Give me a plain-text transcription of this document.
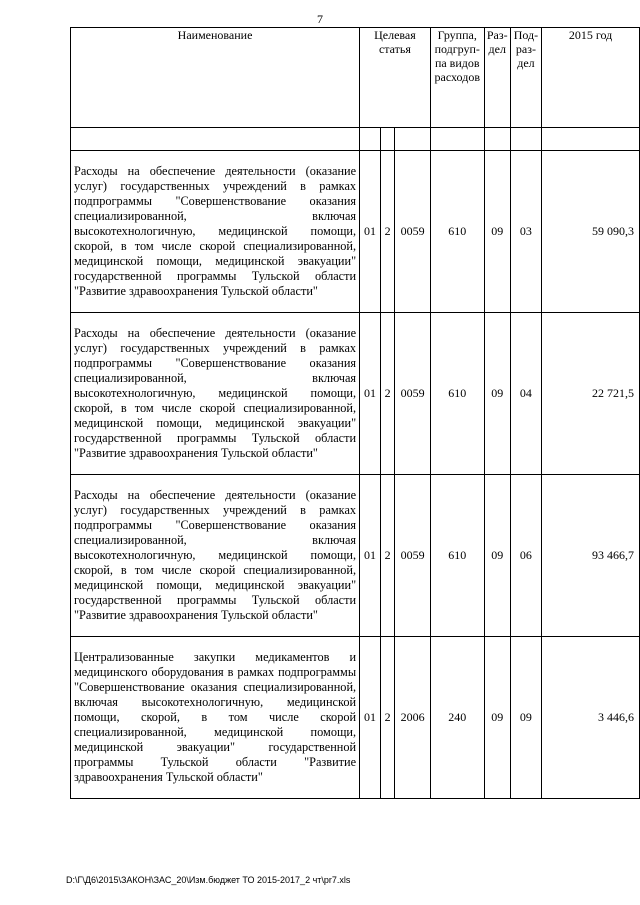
7
Наименование	Целевая статья			Группа, подгруп-па видов расходов	Раз-дел	Под-раз-дел	2015 год

Расходы на обеспечение деятельности (оказание услуг) государственных учреждений в рамках подпрограммы "Совершенствование оказания специализированной, включая высокотехнологичную, медицинской помощи, скорой, в том числе скорой специализированной, медицинской помощи, медицинской эвакуации" государственной программы Тульской области "Развитие здравоохранения Тульской области"	01	2	0059	610	09	03	59 090,3
Расходы на обеспечение деятельности (оказание услуг) государственных учреждений в рамках подпрограммы "Совершенствование оказания специализированной, включая высокотехнологичную, медицинской помощи, скорой, в том числе скорой специализированной, медицинской помощи, медицинской эвакуации" государственной программы Тульской области "Развитие здравоохранения Тульской области"	01	2	0059	610	09	04	22 721,5
Расходы на обеспечение деятельности (оказание услуг) государственных учреждений в рамках подпрограммы "Совершенствование оказания специализированной, включая высокотехнологичную, медицинской помощи, скорой, в том числе скорой специализированной, медицинской помощи, медицинской эвакуации" государственной программы Тульской области "Развитие здравоохранения Тульской области"	01	2	0059	610	09	06	93 466,7
Централизованные закупки медикаментов и медицинского оборудования в рамках подпрограммы "Совершенствование оказания специализированной, включая высокотехнологичную, медицинской помощи, скорой, в том числе скорой специализированной, медицинской помощи, медицинской эвакуации" государственной программы Тульской области "Развитие здравоохранения Тульской области"	01	2	2006	240	09	09	3 446,6
D:\Г\Д6\2015\ЗАКОН\ЗАС_20\Изм.бюджет ТО 2015-2017_2 чт\pr7.xls
